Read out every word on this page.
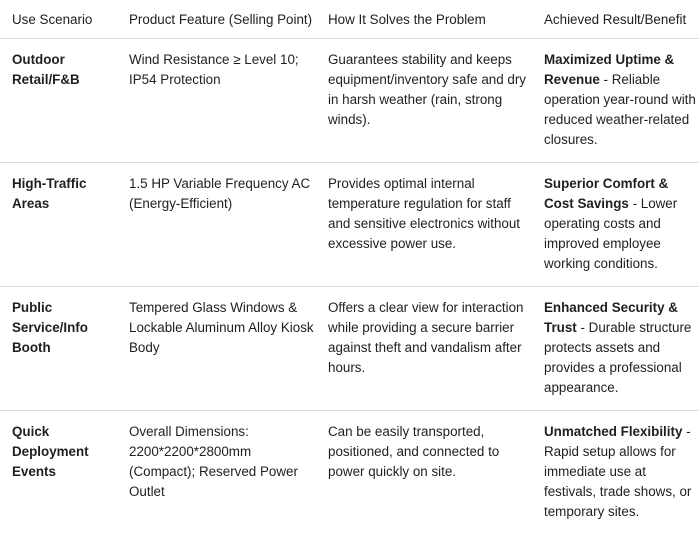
Use Scenario	Product Feature (Selling Point)	How It Solves the Problem	Achieved Result/Benefit
Outdoor Retail/F&B	Wind Resistance ≥ Level 10; IP54 Protection	Guarantees stability and keeps equipment/inventory safe and dry in harsh weather (rain, strong winds).	Maximized Uptime & Revenue - Reliable operation year-round with reduced weather-related closures.
High-Traffic Areas	1.5 HP Variable Frequency AC (Energy-Efficient)	Provides optimal internal temperature regulation for staff and sensitive electronics without excessive power use.	Superior Comfort & Cost Savings - Lower operating costs and improved employee working conditions.
Public Service/Info Booth	Tempered Glass Windows & Lockable Aluminum Alloy Kiosk Body	Offers a clear view for interaction while providing a secure barrier against theft and vandalism after hours.	Enhanced Security & Trust - Durable structure protects assets and provides a professional appearance.
Quick Deployment Events	Overall Dimensions: 2200*2200*2800mm (Compact); Reserved Power Outlet	Can be easily transported, positioned, and connected to power quickly on site.	Unmatched Flexibility - Rapid setup allows for immediate use at festivals, trade shows, or temporary sites.
